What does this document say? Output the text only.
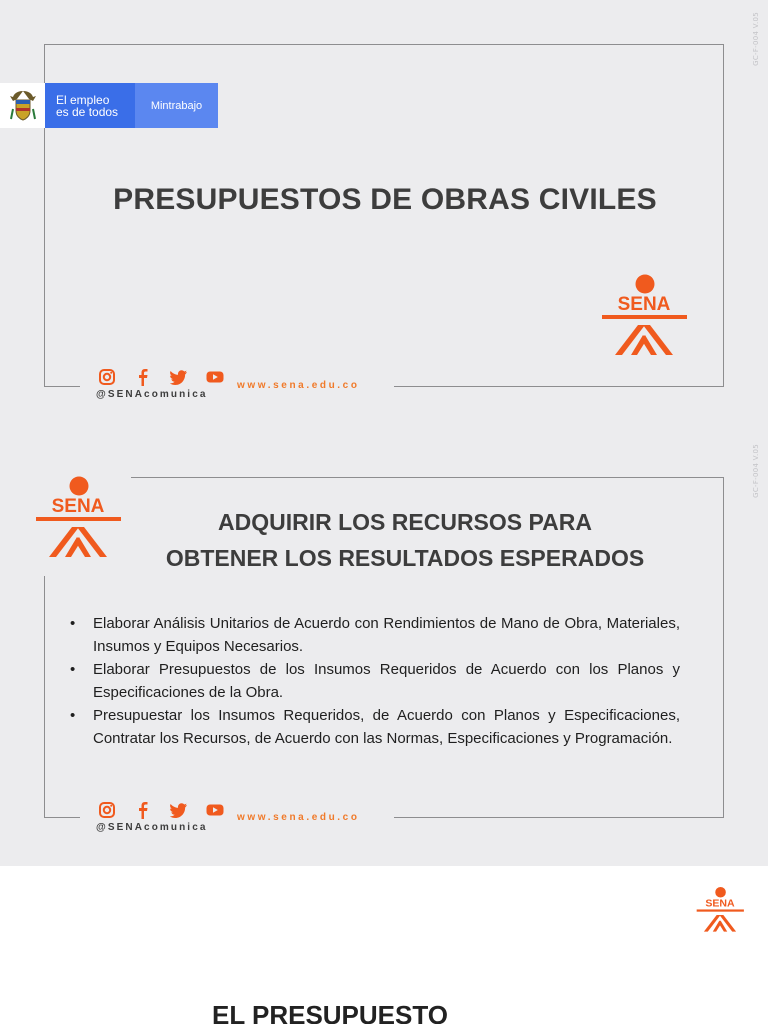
GC-F-004 V.05
El empleo
es de todos	Mintrabajo
PRESUPUESTOS DE OBRAS CIVILES
SENA
@SENAcomunica
www.sena.edu.co
GC-F-004 V.05
SENA
ADQUIRIR LOS RECURSOS PARA
OBTENER LOS RESULTADOS ESPERADOS
• Elaborar Análisis Unitarios de Acuerdo con Rendimientos de Mano de Obra, Materiales, Insumos y Equipos Necesarios.
• Elaborar Presupuestos de los Insumos Requeridos de Acuerdo con los Planos y Especificaciones de la Obra.
• Presupuestar los Insumos Requeridos, de Acuerdo con Planos y Especificaciones, Contratar los Recursos, de Acuerdo con las Normas, Especificaciones y Programación.
@SENAcomunica
www.sena.edu.co
SENA
EL PRESUPUESTO
